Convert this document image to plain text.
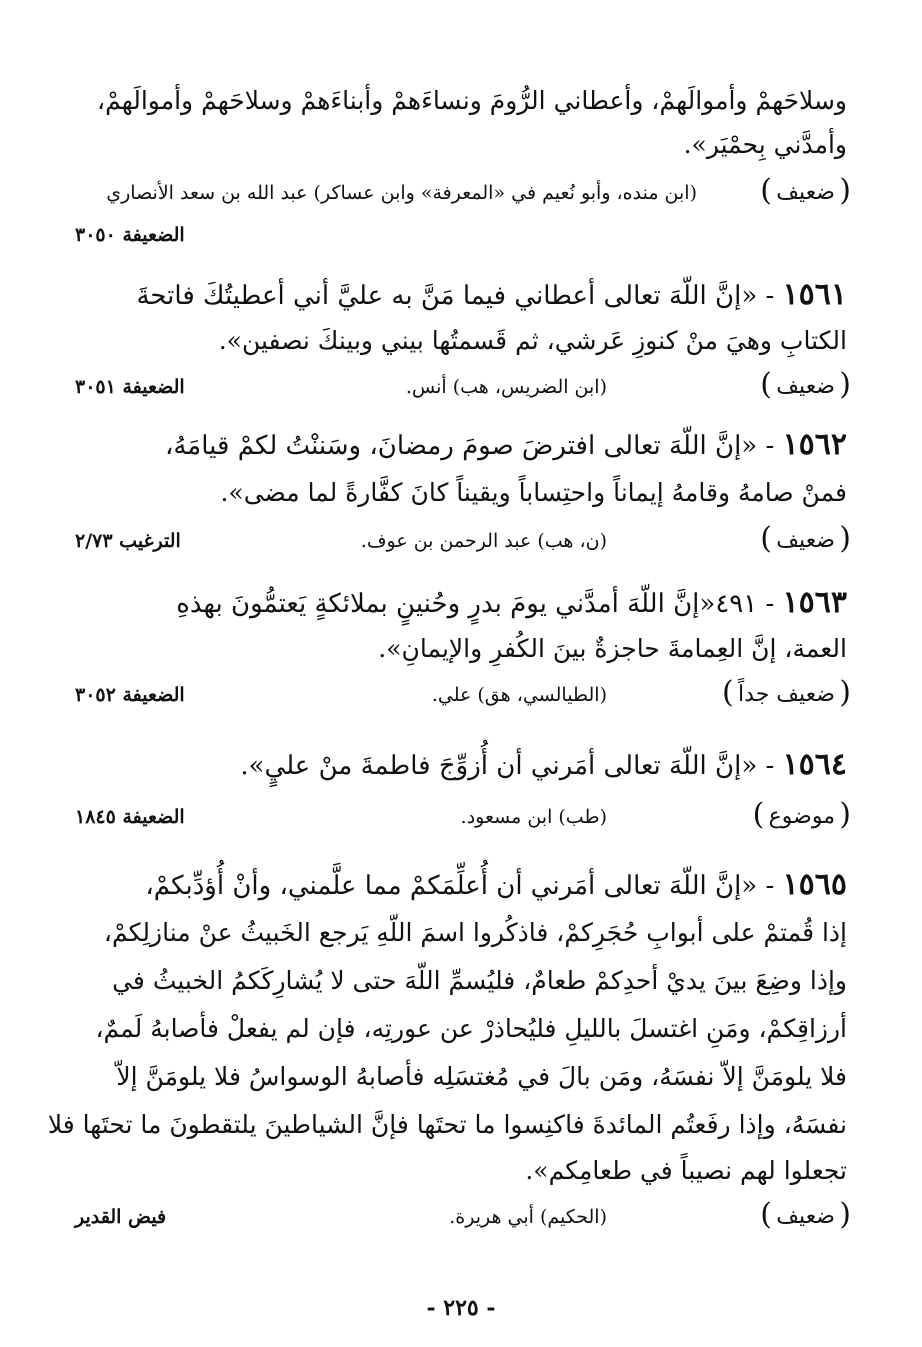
وسلاحَهمْ وأموالَهمْ، وأعطاني الرُّومَ ونساءَهمْ وأبناءَهمْ وسلاحَهمْ وأموالَهمْ،
وأمدَّني بِحمْيَر».
( ضعيف )
(ابن منده، وأبو نُعيم في «المعرفة» وابن عساكر) عبد الله بن سعد الأنصاري
الضعيفة ٣٠٥٠
١٥٦١ - «إنَّ اللّهَ تعالى أعطاني فيما مَنَّ به عليَّ أني أعطيتُكَ فاتحةَ
الكتابِ وهيَ منْ كنوزِ عَرشي، ثم قَسمتُها بيني وبينكَ نصفين».
( ضعيف )
(ابن الضريس، هب) أنس.
الضعيفة ٣٠٥١
١٥٦٢ - «إنَّ اللّهَ تعالى افترضَ صومَ رمضانَ، وسَننْتُ لكمْ قيامَهُ،
فمنْ صامهُ وقامهُ إيماناً واحتِساباً ويقيناً كانَ كفَّارةً لما مضى».
( ضعيف )
(ن، هب) عبد الرحمن بن عوف.
الترغيب ٢/٧٣
١٥٦٣ - ٤٩١«إنَّ اللّهَ أمدَّني يومَ بدرٍ وحُنينٍ بملائكةٍ يَعتمُّونَ بهذهِ
العمة، إنَّ العِمامةَ حاجزةٌ بينَ الكُفرِ والإيمانِ».
( ضعيف جداً )
(الطيالسي، هق) علي.
الضعيفة ٣٠٥٢
١٥٦٤ - «إنَّ اللّهَ تعالى أمَرني أن أُزوِّجَ فاطمةَ منْ عليٍ».
( موضوع )
(طب) ابن مسعود.
الضعيفة ١٨٤٥
١٥٦٥ - «إنَّ اللّهَ تعالى أمَرني أن أُعلِّمَكمْ مما علَّمني، وأنْ أُؤدِّبكمْ،
إذا قُمتمْ على أبوابِ حُجَرِكمْ، فاذكُروا اسمَ اللّهِ يَرجع الخَبيثُ عنْ منازلِكمْ،
وإذا وضِعَ بينَ يديْ أحدِكمْ طعامٌ، فليُسمِّ اللّهَ حتى لا يُشارِكَكمُ الخبيثُ في
أرزاقِكمْ، ومَنِ اغتسلَ بالليلِ فليُحاذرْ عن عورتِه، فإن لم يفعلْ فأصابهُ لَممٌ،
فلا يلومَنَّ إلاّ نفسَهُ، ومَن بالَ في مُغتسَلِه فأصابهُ الوسواسُ فلا يلومَنَّ إلاّ
نفسَهُ، وإذا رفَعتُم المائدةَ فاكنِسوا ما تحتَها فإنَّ الشياطينَ يلتقطونَ ما تحتَها فلا
تجعلوا لهم نصيباً في طعامِكم».
( ضعيف )
(الحكيم) أبي هريرة.
فيض القدير
- ٢٢٥ -
